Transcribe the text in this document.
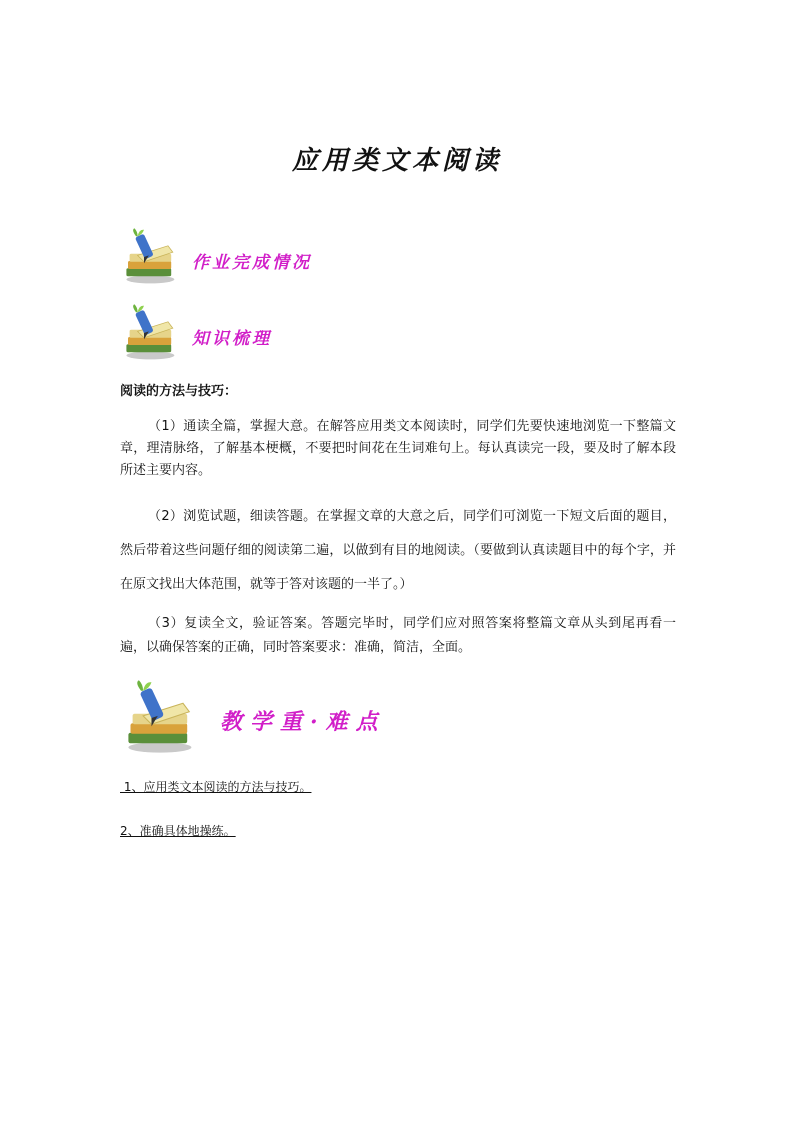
应用类文本阅读
作业完成情况
知识梳理
阅读的方法与技巧：

（1）通读全篇，掌握大意。在解答应用类文本阅读时，同学们先要快速地浏览一下整篇文章，理清脉络，了解基本梗概，不要把时间花在生词难句上。每认真读完一段，要及时了解本段所述主要内容。

（2）浏览试题，细读答题。在掌握文章的大意之后，同学们可浏览一下短文后面的题目，然后带着这些问题仔细的阅读第二遍，以做到有目的地阅读。（要做到认真读题目中的每个字，并在原文找出大体范围，就等于答对该题的一半了。）

（3）复读全文，验证答案。答题完毕时，同学们应对照答案将整篇文章从头到尾再看一遍，以确保答案的正确，同时答案要求：准确，简洁，全面。

教学重·难点
1、应用类文本阅读的方法与技巧。
2、准确具体地操练。
